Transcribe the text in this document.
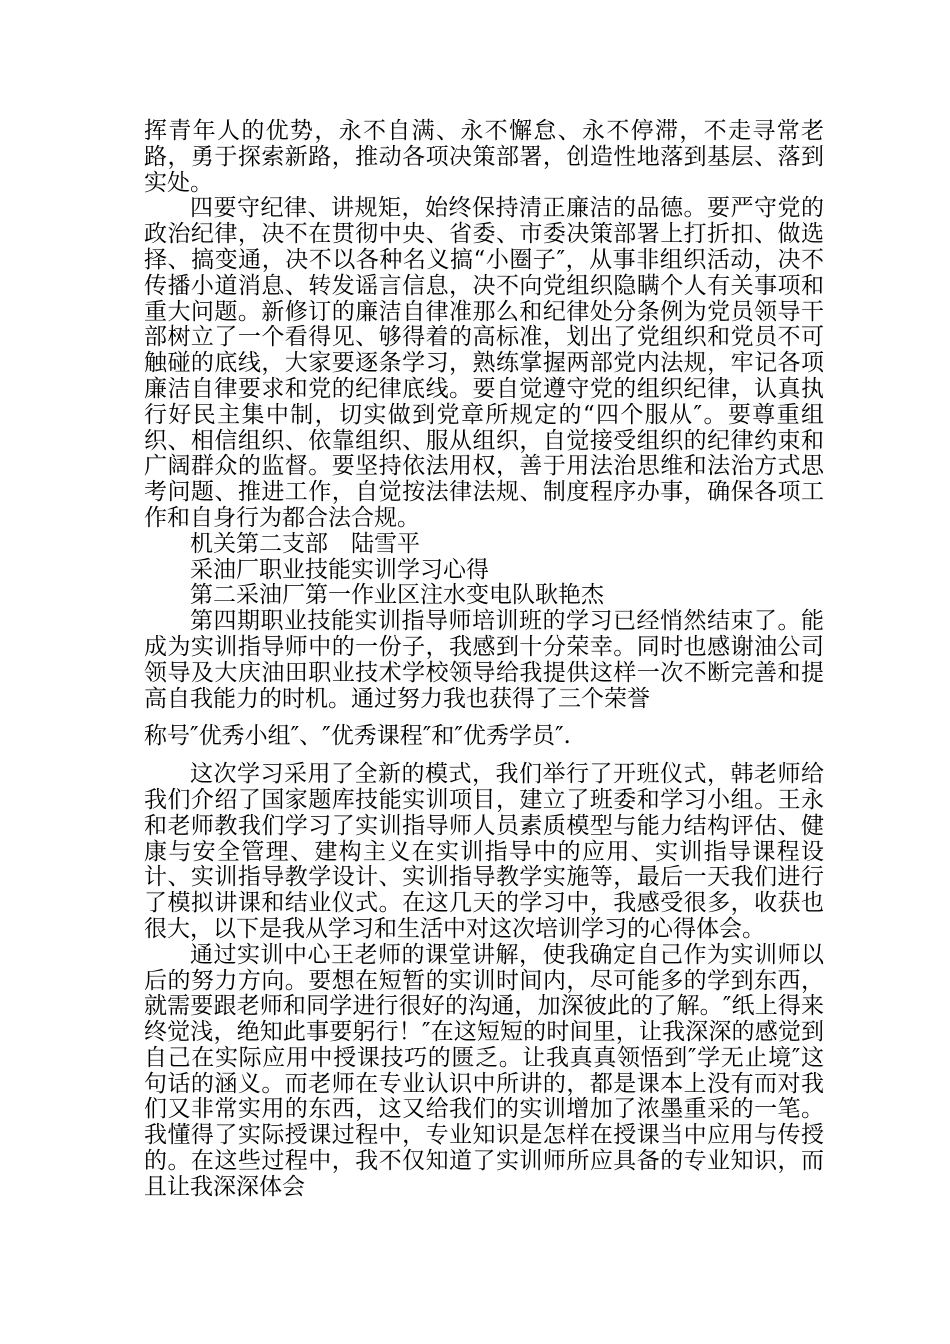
挥青年人的优势，永不自满、永不懈怠、永不停滞，不走寻常老路，勇于探索新路，推动各项决策部署，创造性地落到基层、落到实处。

四要守纪律、讲规矩，始终保持清正廉洁的品德。要严守党的政治纪律，决不在贯彻中央、省委、市委决策部署上打折扣、做选择、搞变通，决不以各种名义搞“小圈子″，从事非组织活动，决不传播小道消息、转发谣言信息，决不向党组织隐瞒个人有关事项和重大问题。新修订的廉洁自律准那么和纪律处分条例为党员领导干部树立了一个看得见、够得着的高标准，划出了党组织和党员不可触碰的底线，大家要逐条学习，熟练掌握两部党内法规，牢记各项廉洁自律要求和党的纪律底线。要自觉遵守党的组织纪律，认真执行好民主集中制，切实做到党章所规定的“四个服从″。要尊重组织、相信组织、依靠组织、服从组织，自觉接受组织的纪律约束和广阔群众的监督。要坚持依法用权，善于用法治思维和法治方式思考问题、推进工作，自觉按法律法规、制度程序办事，确保各项工作和自身行为都合法合规。

机关第二支部　陆雪平

采油厂职业技能实训学习心得

第二采油厂第一作业区注水变电队耿艳杰

第四期职业技能实训指导师培训班的学习已经悄然结束了。能成为实训指导师中的一份子，我感到十分荣幸。同时也感谢油公司领导及大庆油田职业技术学校领导给我提供这样一次不断完善和提高自我能力的时机。通过努力我也获得了三个荣誉

称号″优秀小组″、″优秀课程″和″优秀学员″.

这次学习采用了全新的模式，我们举行了开班仪式，韩老师给我们介绍了国家题库技能实训项目，建立了班委和学习小组。王永和老师教我们学习了实训指导师人员素质模型与能力结构评估、健康与安全管理、建构主义在实训指导中的应用、实训指导课程设计、实训指导教学设计、实训指导教学实施等，最后一天我们进行了模拟讲课和结业仪式。在这几天的学习中，我感受很多，收获也很大，以下是我从学习和生活中对这次培训学习的心得体会。

通过实训中心王老师的课堂讲解，使我确定自己作为实训师以后的努力方向。要想在短暂的实训时间内，尽可能多的学到东西，就需要跟老师和同学进行很好的沟通，加深彼此的了解。″纸上得来终觉浅，绝知此事要躬行！″在这短短的时间里，让我深深的感觉到自己在实际应用中授课技巧的匮乏。让我真真领悟到″学无止境″这句话的涵义。而老师在专业认识中所讲的，都是课本上没有而对我们又非常实用的东西，这又给我们的实训增加了浓墨重采的一笔。我懂得了实际授课过程中，专业知识是怎样在授课当中应用与传授的。在这些过程中，我不仅知道了实训师所应具备的专业知识，而且让我深深体会
